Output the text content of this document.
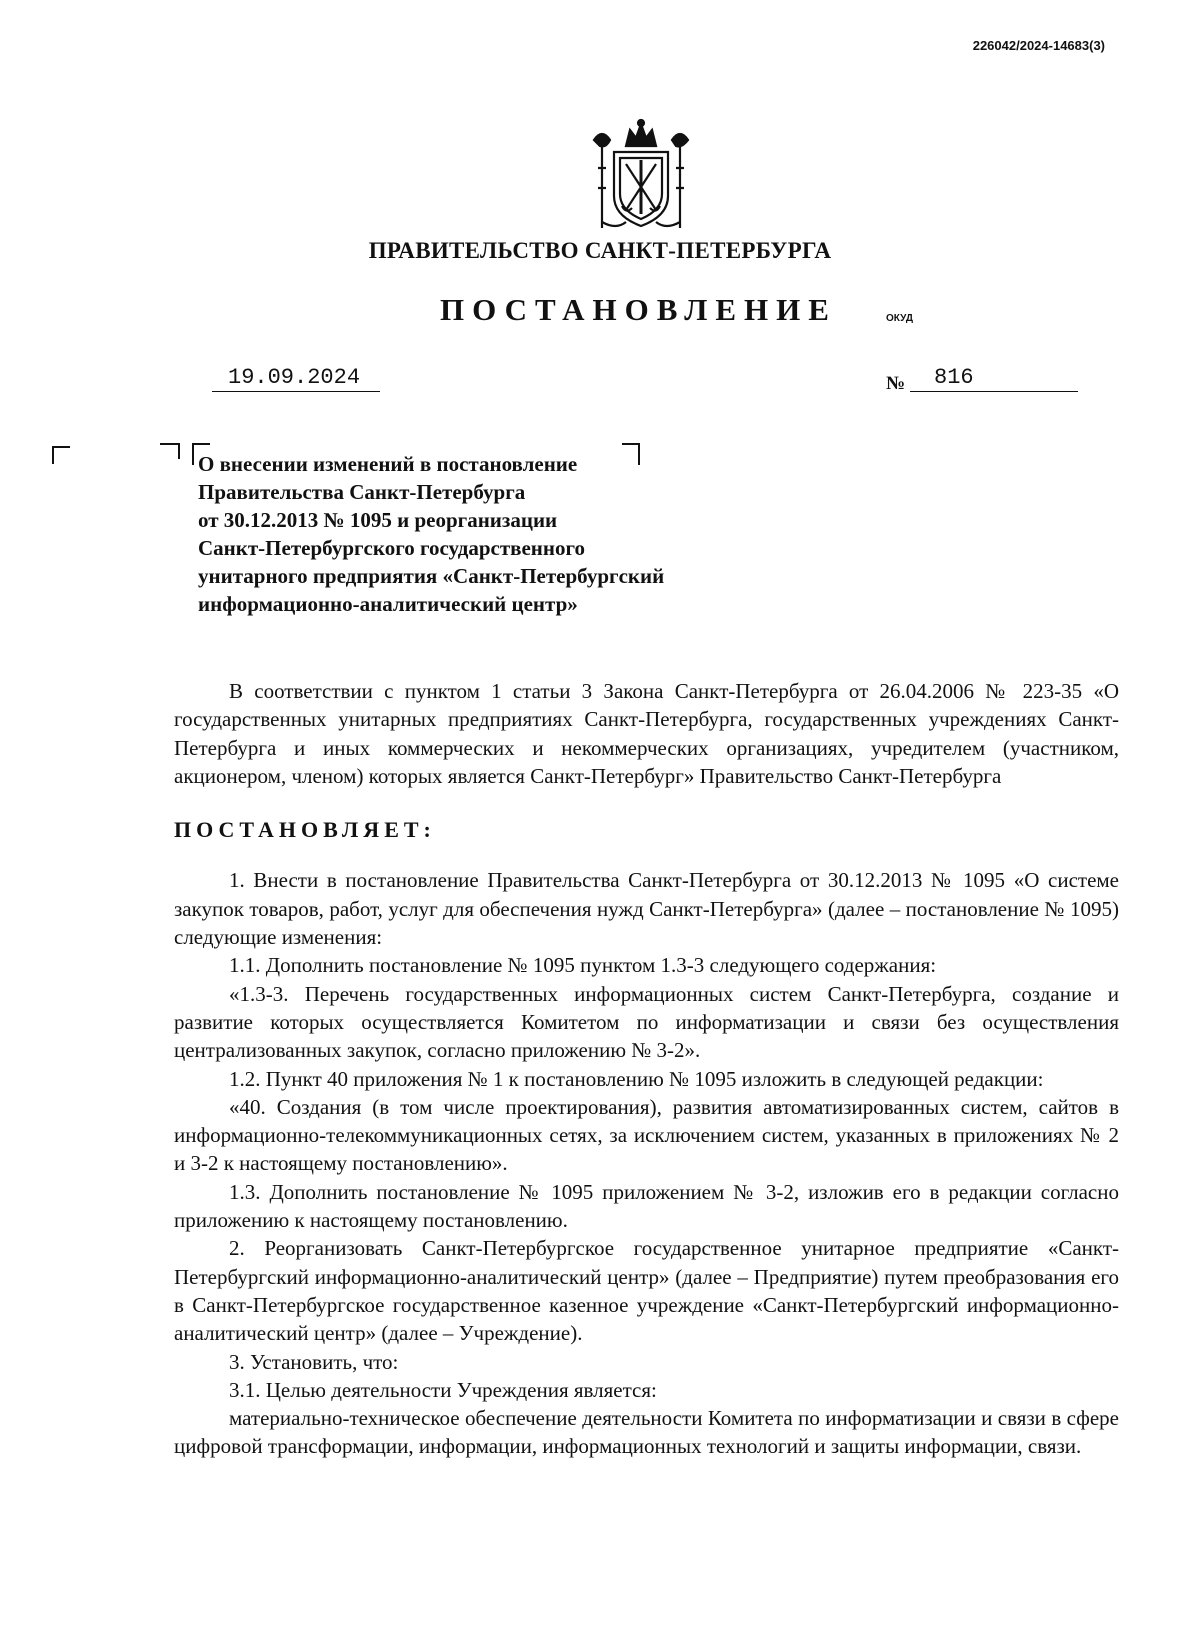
226042/2024-14683(3)
ПРАВИТЕЛЬСТВО САНКТ-ПЕТЕРБУРГА
ПОСТАНОВЛЕНИЕ	ОКУД
19.09.2024	№	816
О внесении изменений в постановление
Правительства Санкт-Петербурга
от 30.12.2013 № 1095 и реорганизации
Санкт-Петербургского государственного
унитарного предприятия «Санкт-Петербургский
информационно-аналитический центр»

В соответствии с пунктом 1 статьи 3 Закона Санкт-Петербурга от 26.04.2006 № 223-35 «О государственных унитарных предприятиях Санкт-Петербурга, государственных учреждениях Санкт-Петербурга и иных коммерческих и некоммерческих организациях, учредителем (участником, акционером, членом) которых является Санкт-Петербург» Правительство Санкт-Петербурга

ПОСТАНОВЛЯЕТ:

1. Внести в постановление Правительства Санкт-Петербурга от 30.12.2013 № 1095 «О системе закупок товаров, работ, услуг для обеспечения нужд Санкт-Петербурга» (далее – постановление № 1095) следующие изменения:

1.1. Дополнить постановление № 1095 пунктом 1.3-3 следующего содержания:

«1.3-3. Перечень государственных информационных систем Санкт-Петербурга, создание и развитие которых осуществляется Комитетом по информатизации и связи без осуществления централизованных закупок, согласно приложению № 3-2».

1.2. Пункт 40 приложения № 1 к постановлению № 1095 изложить в следующей редакции:

«40. Создания (в том числе проектирования), развития автоматизированных систем, сайтов в информационно-телекоммуникационных сетях, за исключением систем, указанных в приложениях № 2 и 3-2 к настоящему постановлению».

1.3. Дополнить постановление № 1095 приложением № 3-2, изложив его в редакции согласно приложению к настоящему постановлению.

2. Реорганизовать Санкт-Петербургское государственное унитарное предприятие «Санкт-Петербургский информационно-аналитический центр» (далее – Предприятие) путем преобразования его в Санкт-Петербургское государственное казенное учреждение «Санкт-Петербургский информационно-аналитический центр» (далее – Учреждение).

3. Установить, что:

3.1. Целью деятельности Учреждения является:

материально-техническое обеспечение деятельности Комитета по информатизации и связи в сфере цифровой трансформации, информации, информационных технологий и защиты информации, связи.
